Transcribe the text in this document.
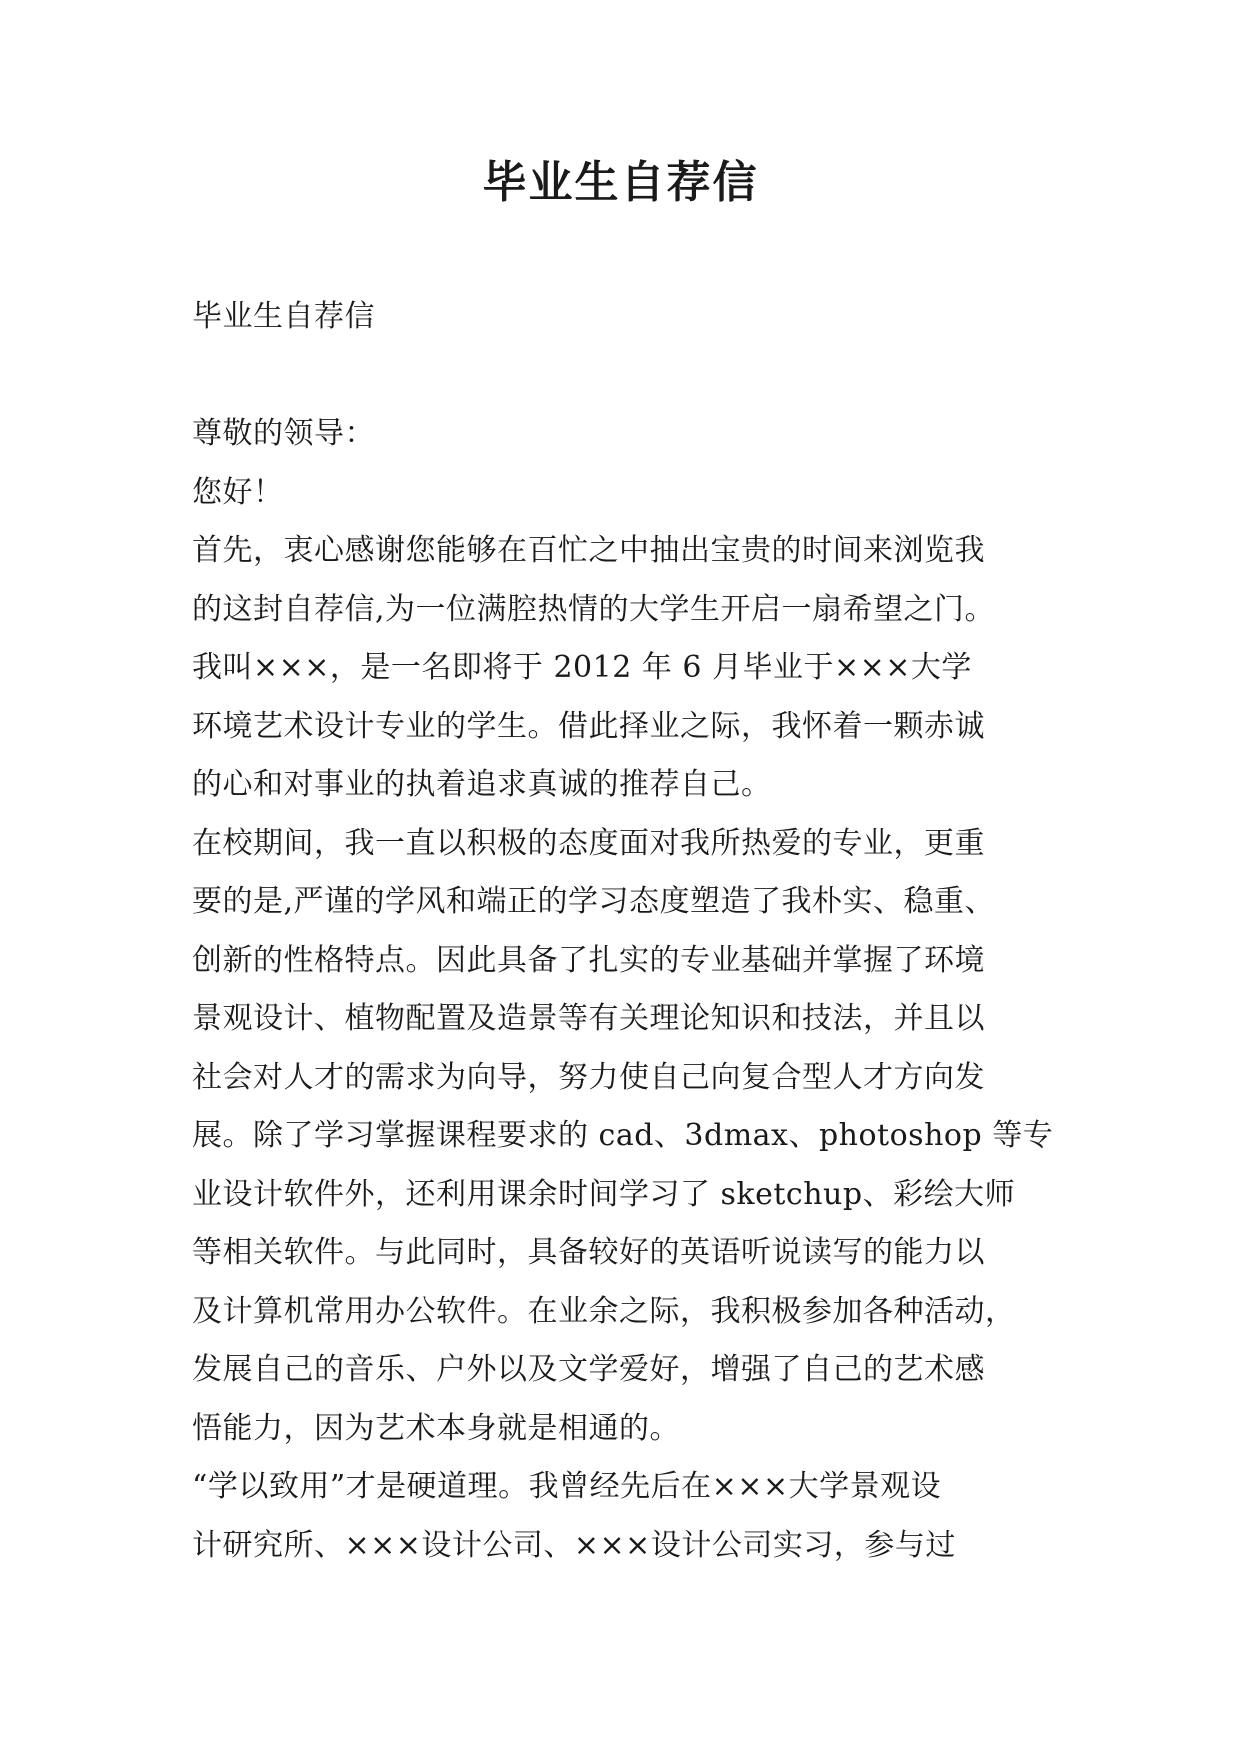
毕业生自荐信

毕业生自荐信

尊敬的领导：

您好！

首先，衷心感谢您能够在百忙之中抽出宝贵的时间来浏览我

的这封自荐信,为一位满腔热情的大学生开启一扇希望之门。

我叫×××，是一名即将于 2012 年 6 月毕业于×××大学

环境艺术设计专业的学生。借此择业之际，我怀着一颗赤诚

的心和对事业的执着追求真诚的推荐自己。

在校期间，我一直以积极的态度面对我所热爱的专业，更重

要的是,严谨的学风和端正的学习态度塑造了我朴实、稳重、

创新的性格特点。因此具备了扎实的专业基础并掌握了环境

景观设计、植物配置及造景等有关理论知识和技法，并且以

社会对人才的需求为向导，努力使自己向复合型人才方向发

展。除了学习掌握课程要求的 cad、3dmax、photoshop 等专

业设计软件外，还利用课余时间学习了 sketchup、彩绘大师

等相关软件。与此同时，具备较好的英语听说读写的能力以

及计算机常用办公软件。在业余之际，我积极参加各种活动，

发展自己的音乐、户外以及文学爱好，增强了自己的艺术感

悟能力，因为艺术本身就是相通的。

“学以致用”才是硬道理。我曾经先后在×××大学景观设

计研究所、×××设计公司、×××设计公司实习，参与过
